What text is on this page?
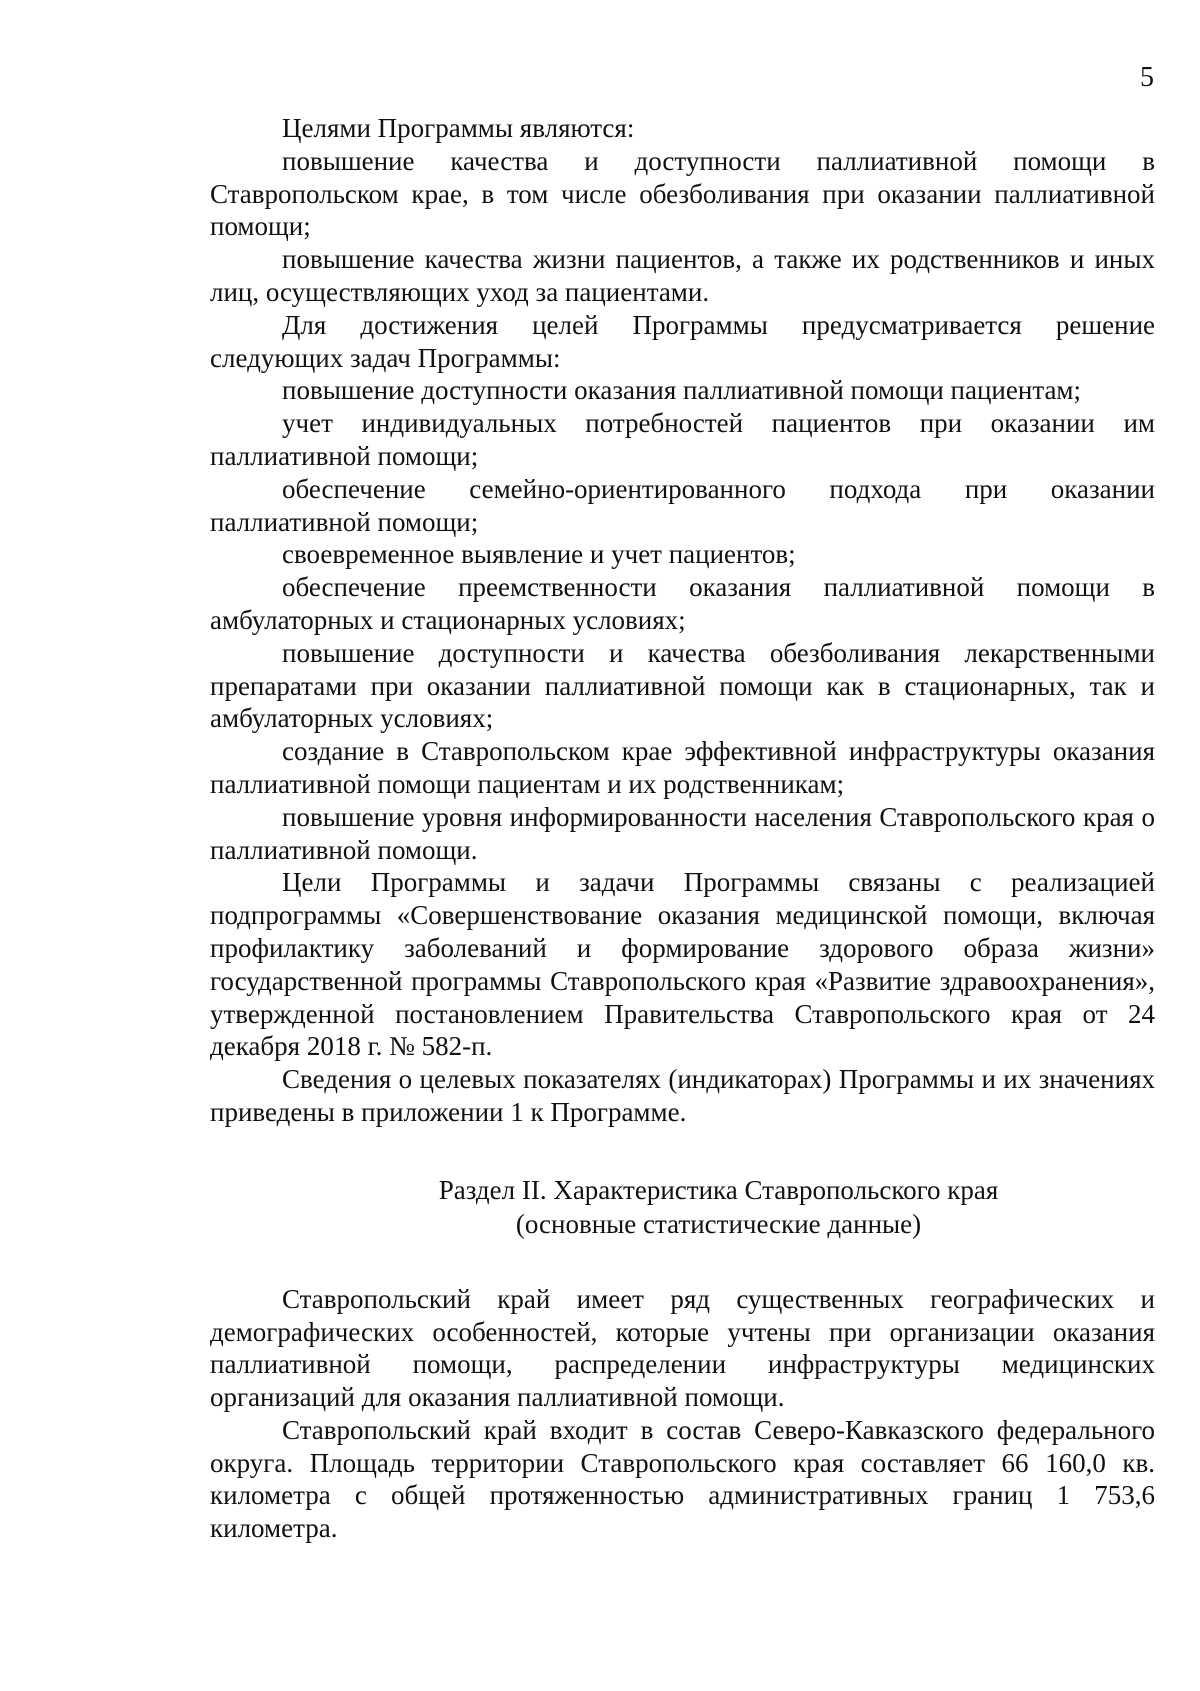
5

Целями Программы являются:

повышение качества и доступности паллиативной помощи в Ставропольском крае, в том числе обезболивания при оказании паллиативной помощи;

повышение качества жизни пациентов, а также их родственников и иных лиц, осуществляющих уход за пациентами.

Для достижения целей Программы предусматривается решение следующих задач Программы:

повышение доступности оказания паллиативной помощи пациентам;

учет индивидуальных потребностей пациентов при оказании им паллиативной помощи;

обеспечение семейно-ориентированного подхода при оказании паллиативной помощи;

своевременное выявление и учет пациентов;

обеспечение преемственности оказания паллиативной помощи в амбулаторных и стационарных условиях;

повышение доступности и качества обезболивания лекарственными препаратами при оказании паллиативной помощи как в стационарных, так и амбулаторных условиях;

создание в Ставропольском крае эффективной инфраструктуры оказания паллиативной помощи пациентам и их родственникам;

повышение уровня информированности населения Ставропольского края о паллиативной помощи.

Цели Программы и задачи Программы связаны с реализацией подпрограммы «Совершенствование оказания медицинской помощи, включая профилактику заболеваний и формирование здорового образа жизни» государственной программы Ставропольского края «Развитие здравоохранения», утвержденной постановлением Правительства Ставропольского края от 24 декабря 2018 г. № 582-п.

Сведения о целевых показателях (индикаторах) Программы и их значениях приведены в приложении 1 к Программе.

Раздел II. Характеристика Ставропольского края
(основные статистические данные)

Ставропольский край имеет ряд существенных географических и демографических особенностей, которые учтены при организации оказания паллиативной помощи, распределении инфраструктуры медицинских организаций для оказания паллиативной помощи.

Ставропольский край входит в состав Северо-Кавказского федерального округа. Площадь территории Ставропольского края составляет 66 160,0 кв. километра с общей протяженностью административных границ 1 753,6 километра.
